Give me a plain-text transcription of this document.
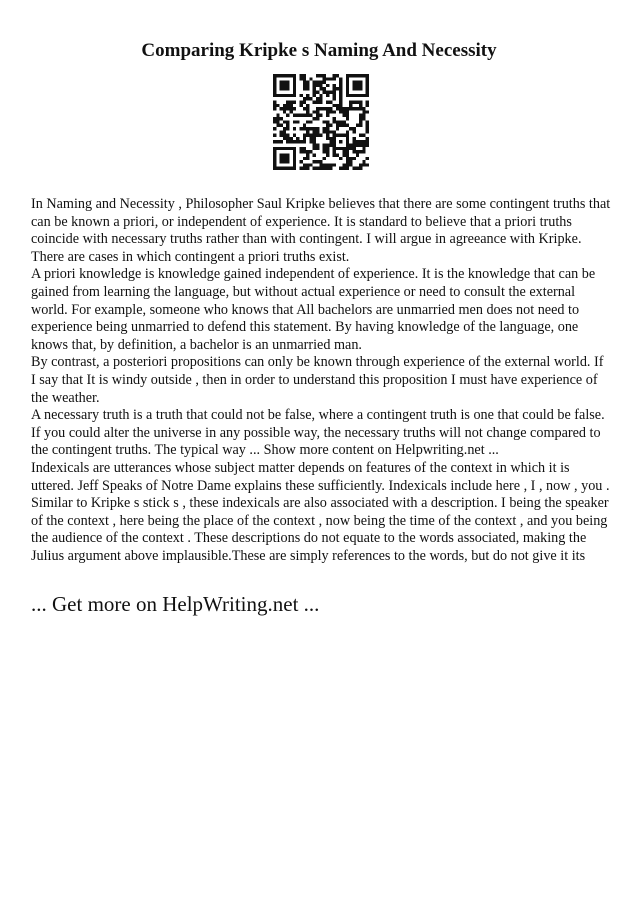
Comparing Kripke s Naming And Necessity

In Naming and Necessity , Philosopher Saul Kripke believes that there are some contingent truths that can be known a priori, or independent of experience. It is standard to believe that a priori truths coincide with necessary truths rather than with contingent. I will argue in agreeance with Kripke. There are cases in which contingent a priori truths exist.

A priori knowledge is knowledge gained independent of experience. It is the knowledge that can be gained from learning the language, but without actual experience or need to consult the external world. For example, someone who knows that All bachelors are unmarried men does not need to experience being unmarried to defend this statement. By having knowledge of the language, one knows that, by definition, a bachelor is an unmarried man.

By contrast, a posteriori propositions can only be known through experience of the external world. If I say that It is windy outside , then in order to understand this proposition I must have experience of the weather.

A necessary truth is a truth that could not be false, where a contingent truth is one that could be false. If you could alter the universe in any possible way, the necessary truths will not change compared to the contingent truths. The typical way ... Show more content on Helpwriting.net ...

Indexicals are utterances whose subject matter depends on features of the context in which it is uttered. Jeff Speaks of Notre Dame explains these sufficiently. Indexicals include here , I , now , you . Similar to Kripke s stick s , these indexicals are also associated with a description. I being the speaker of the context , here being the place of the context , now being the time of the context , and you being the audience of the context . These descriptions do not equate to the words associated, making the Julius argument above implausible.These are simply references to the words, but do not give it its

... Get more on HelpWriting.net ...
